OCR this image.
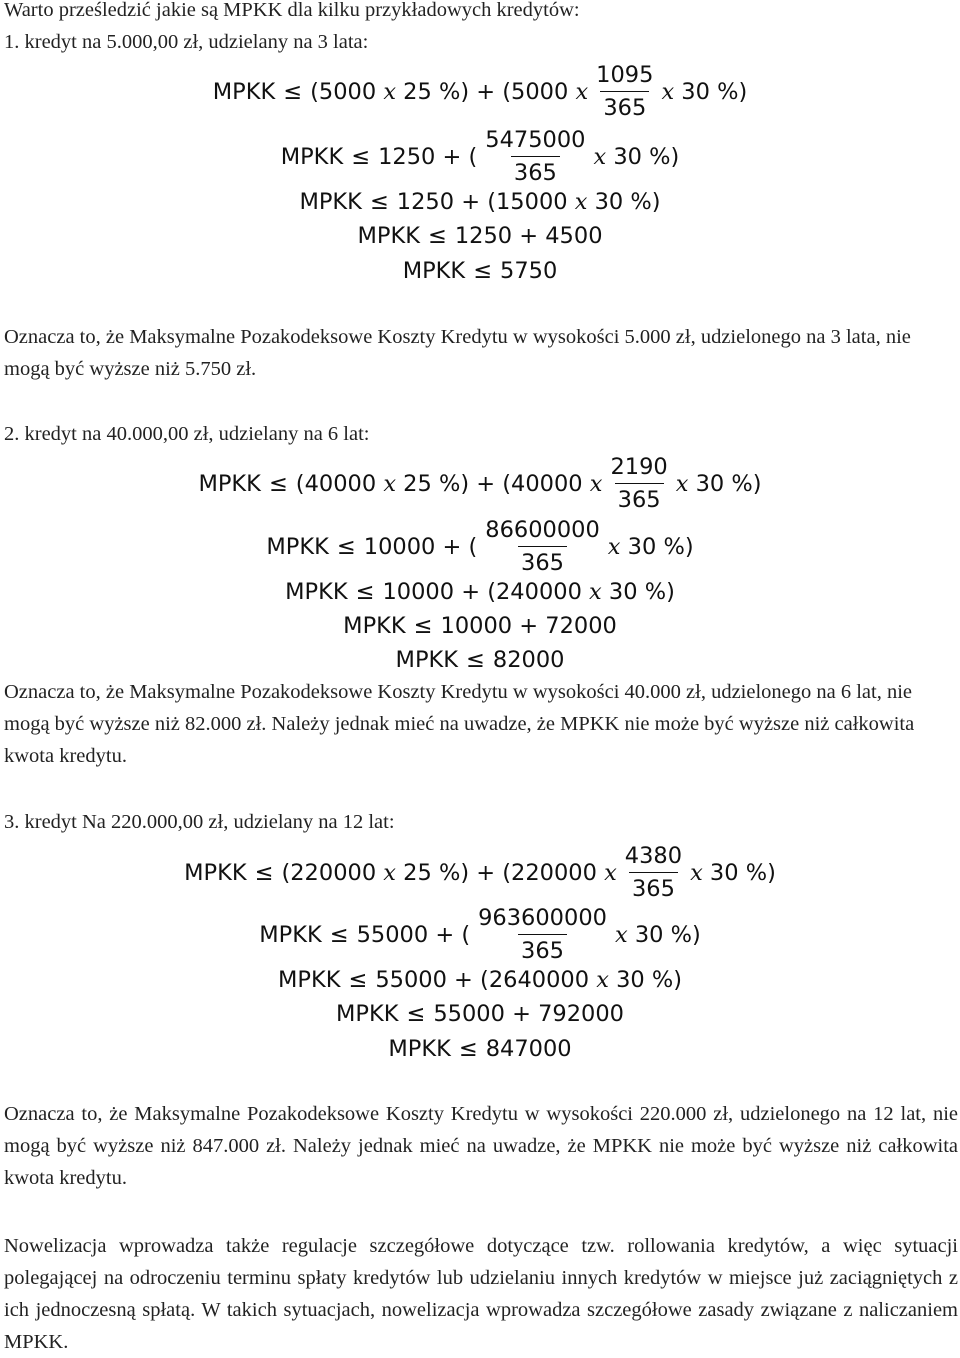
Warto prześledzić jakie są MPKK dla kilku przykładowych kredytów:

1. kredyt na 5.000,00 zł, udzielany na 3 lata:

MPKK ≤ (5000 x 25 %) + (5000 x $\frac{1095}{365}$ x 30 %)
MPKK ≤ 1250 + ( $\frac{5475000}{365}$ x 30 %)
MPKK ≤ 1250 + (15000 x 30 %)
MPKK ≤ 1250 + 4500
MPKK ≤ 5750

Oznacza to, że Maksymalne Pozakodeksowe Koszty Kredytu w wysokości 5.000 zł, udzielonego na 3 lata, nie mogą być wyższe niż 5.750 zł.

2. kredyt na 40.000,00 zł, udzielany na 6 lat:

MPKK ≤ (40000 x 25 %) + (40000 x $\frac{2190}{365}$ x 30 %)
MPKK ≤ 10000 + ( $\frac{86600000}{365}$ x 30 %)
MPKK ≤ 10000 + (240000 x 30 %)
MPKK ≤ 10000 + 72000
MPKK ≤ 82000

Oznacza to, że Maksymalne Pozakodeksowe Koszty Kredytu w wysokości 40.000 zł, udzielonego na 6 lat, nie mogą być wyższe niż 82.000 zł. Należy jednak mieć na uwadze, że MPKK nie może być wyższe niż całkowita kwota kredytu.

3. kredyt Na 220.000,00 zł, udzielany na 12 lat:

MPKK ≤ (220000 x 25 %) + (220000 x $\frac{4380}{365}$ x 30 %)
MPKK ≤ 55000 + ( $\frac{963600000}{365}$ x 30 %)
MPKK ≤ 55000 + (2640000 x 30 %)
MPKK ≤ 55000 + 792000
MPKK ≤ 847000

Oznacza to, że Maksymalne Pozakodeksowe Koszty Kredytu w wysokości 220.000 zł, udzielonego na 12 lat, nie mogą być wyższe niż 847.000 zł. Należy jednak mieć na uwadze, że MPKK nie może być wyższe niż całkowita kwota kredytu.

Nowelizacja wprowadza także regulacje szczegółowe dotyczące tzw. rollowania kredytów, a więc sytuacji polegającej na odroczeniu terminu spłaty kredytów lub udzielaniu innych kredytów w miejsce już zaciągniętych z ich jednoczesną spłatą. W takich sytuacjach, nowelizacja wprowadza szczegółowe zasady związane z naliczaniem MPKK.
